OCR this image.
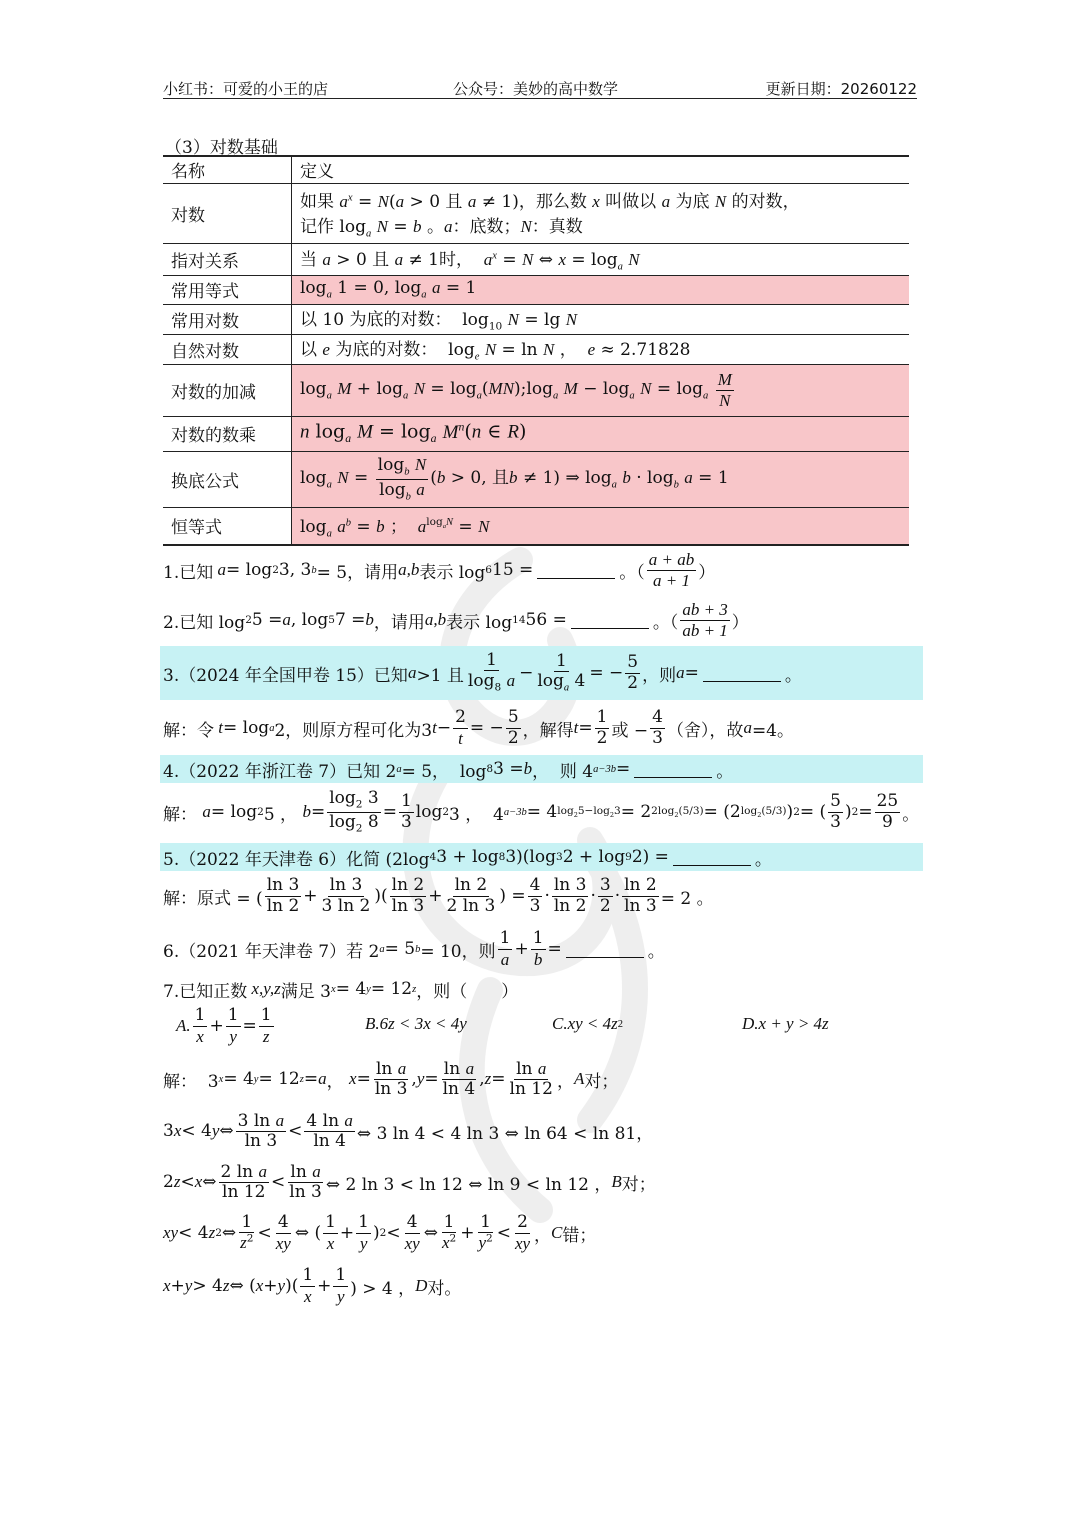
小红书：可爱的小王的店	公众号：美妙的高中数学	更新日期：20260122
（3）对数基础
名称	定义
对数	如果 $a^x = N(a > 0$ 且 a ≠ 1)，那么数 x 叫做以 a 为底 N 的对数，
记作 $\log_a N = b$ 。a：底数；N：真数
指对关系	当 a > 0 且 a ≠ 1时，  $a^x = N$ ⇔ $x = \log_a N$
常用等式	$\log_a 1 = 0$, $\log_a a = 1$
常用对数	以 10 为底的对数：  $\log_{10} N = \lg N$
自然对数	以 e 为底的对数：  $\log_e N = \ln N$ ，  e ≈ 2.71828
对数的加减	$\log_a M + \log_a N$ = $\log_a(MN);\log_a$ $M - \log_a N = \log_a \frac{M}{N}$

对数的数乘	n $\log_a M = \log_a M^n(n$ ∈ R)
换底公式	$\log_a N = \frac{\log_b N}{\log_b a} (b > 0$, 且b ≠ 1) ⇒ $\log_a b \cdot \log_b a = 1$
恒等式	$\log_a a^b = b$ ；  $a^{log_aN} = N$
1.已知 a = log 2 3, 3 b = 5，请用 a,b 表示 log 6 15 =	。（ $\frac{a + ab}{a + 1}$ ）
2.已知 log 2 5 = a , log 5 7 = b ，请用 a,b 表示 log 14 56 =	。（ $\frac{ab + 3}{ab + 1}$ ）
3.（2024 年全国甲卷 15）已知 a >1 且 $\frac{1}{\log_8 a} - \frac{1}{\log_a 4}$ = − $\frac{5}{2}$ ，则 a =	。
解：令 t = log a 2，则原方程可化为3 $t - \frac{2}{t}$ = − $\frac{5}{2}$ ，解得 $t = \frac{1}{2}$ 或 − $\frac{4}{3}$ （舍），故 a =4。
4.（2022 年浙江卷 7）已知 2 a = 5，  log 8 3 = b ，  则 4 a−3b =	。
解： a = log 2 5 ， $b = \frac{\log_2 3}{\log_2 8} = \frac{1}{3}$ log 2 3 ，  4 a−3b = 4 $\log_25-\log_23 = 2$ $2\log_2(5/3) = (2$ $\log_2(5/3)$ ) 2 = ( $\frac{5}{3}$ ) $2 = \frac{25}{9}$ 。
5.（2022 年天津卷 6）化简 (2log 4 3 + log 8 3)(log 3 2 + log 9 2) =	。
解：原式 = ( $\frac{\ln 3}{\ln 2} + \frac{\ln 3}{3 \ln 2}$ )( $\frac{\ln 2}{\ln 3} + \frac{\ln 2}{2 \ln 3}$ ) = $\frac{4}{3} \cdot \frac{\ln 3}{\ln 2} \cdot \frac{3}{2} \cdot \frac{\ln 2}{\ln 3} = 2$ 。
6.（2021 年天津卷 7）若 2 a = 5 b = 10，则 $\frac{1}{a} + \frac{1}{b}$ =	。
7.已知正数 x,y,z 满足 3 x = 4 y = 12 z ，则（　　）
A. $\frac{1}{x} + \frac{1}{y} = \frac{1}{z}$	B.6z < 3x < 4y	C.xy < 4z 2	D.x + y > 4z
解：  3 x = 4 y = 12 z = a ， $x = \frac{\text{ln a}}{\ln 3}$ , $y = \frac{\text{ln a}}{\ln 4}$ , $z = \frac{\text{ln a}}{\ln 12}$ ， A 对；
3 x < 4 y ⇔ $\frac{\text{3 ln a}}{\ln 3} < \frac{\text{4 ln a}}{\ln 4}$ ⇔ 3 ln 4 < 4 ln 3 ⇔ ln 64 < ln 81，
2 z < x ⇔ $\frac{\text{2 ln a}}{\ln 12} < \frac{\text{ln a}}{\ln 3}$ ⇔ 2 ln 3 < ln 12 ⇔ ln 9 < ln 12 ， B 对；
xy < 4 z 2 ⇔ $\frac{1}{z^2} < \frac{4}{xy}$ ⇔ ( $\frac{1}{x} + \frac{1}{y}$ ) $2 < \frac{4}{xy}$ ⇔ $\frac{1}{x^2} + \frac{1}{y^2} < \frac{2}{xy}$ ， C 错；
x + y > 4 z ⇔ ( x + y )( $\frac{1}{x} + \frac{1}{y}$ ) > 4 ， D 对。
